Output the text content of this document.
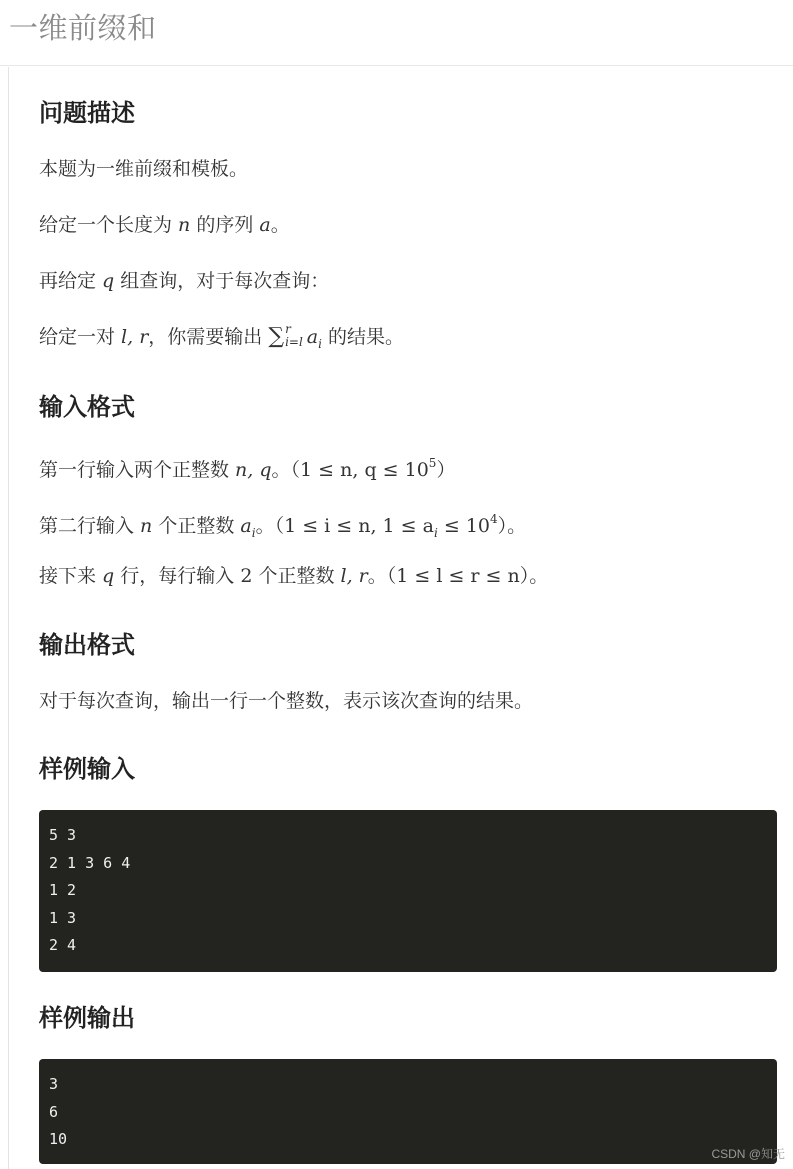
一维前缀和
问题描述

本题为一维前缀和模板。

给定一个长度为 n 的序列 a。

再给定 q 组查询，对于每次查询：

给定一对 l, r，你需要输出 ∑ r
i=l $a_i$ 的结果。

输入格式

第一行输入两个正整数 n, q。（1 ≤ n, $q \le 10^5$）

第二行输入 n 个正整数 $a_i$。（1 ≤ i ≤ n, $1 \le a_i \le 10^4$）。

接下来 q 行，每行输入 2 个正整数 l, r。（1 ≤ l ≤ r ≤ n）。

输出格式

对于每次查询，输出一行一个整数，表示该次查询的结果。

样例输入
5 3
2 1 3 6 4
1 2
1 3
2 4
样例输出
3
6
10
CSDN @知无
